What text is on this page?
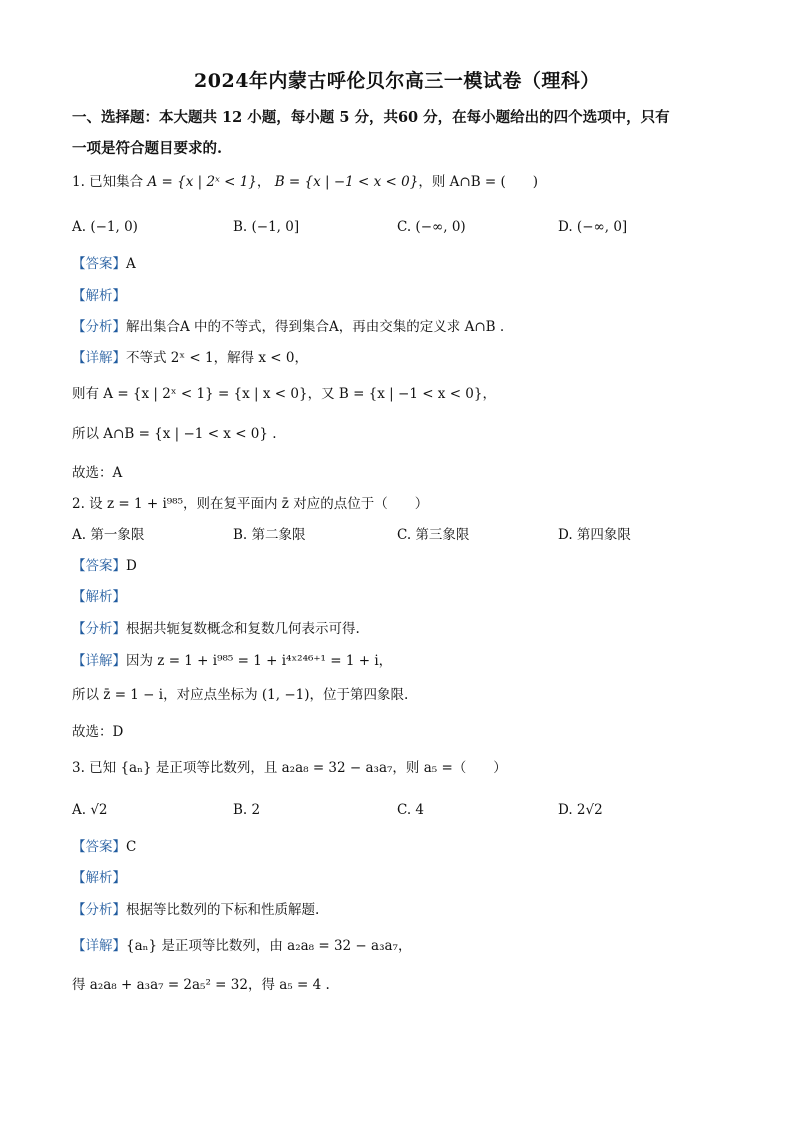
2024年内蒙古呼伦贝尔高三一模试卷（理科）
一、选择题：本大题共 12 小题，每小题 5 分，共60 分，在每小题给出的四个选项中，只有
一项是符合题目要求的.
1. 已知集合 A = {x | 2ˣ < 1}， B = {x | −1 < x < 0}，则 A∩B = (　　)
A. (−1, 0)	B. (−1, 0]	C. (−∞, 0)	D. (−∞, 0]
【答案】A
【解析】
【分析】解出集合A 中的不等式，得到集合A，再由交集的定义求 A∩B .
【详解】不等式 2ˣ < 1，解得 x < 0，
则有 A = {x | 2ˣ < 1} = {x | x < 0}，又 B = {x | −1 < x < 0}，
所以 A∩B = {x | −1 < x < 0} .
故选：A
2. 设 z = 1 + i⁹⁸⁵，则在复平面内 z̄ 对应的点位于（　　）
A. 第一象限	B. 第二象限	C. 第三象限	D. 第四象限
【答案】D
【解析】
【分析】根据共轭复数概念和复数几何表示可得.
【详解】因为 z = 1 + i⁹⁸⁵ = 1 + i⁴ˣ²⁴⁶⁺¹ = 1 + i，
所以 z̄ = 1 − i，对应点坐标为 (1, −1)，位于第四象限.
故选：D
3. 已知 {aₙ} 是正项等比数列，且 a₂a₈ = 32 − a₃a₇，则 a₅ =（　　）
A. √2	B. 2	C. 4	D. 2√2
【答案】C
【解析】
【分析】根据等比数列的下标和性质解题.
【详解】{aₙ} 是正项等比数列，由 a₂a₈ = 32 − a₃a₇，
得 a₂a₈ + a₃a₇ = 2a₅² = 32，得 a₅ = 4 .
